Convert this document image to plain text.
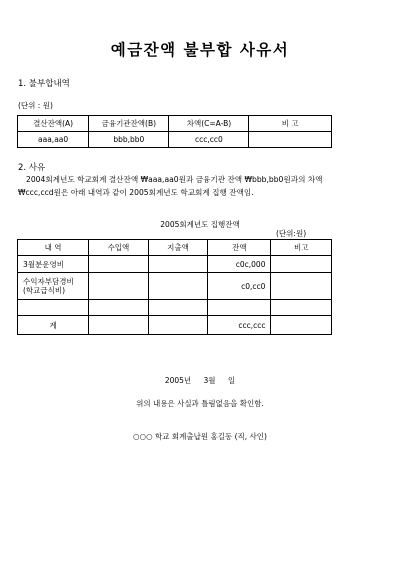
예금잔액 불부합 사유서
1. 불부합내역
(단위 : 원)
결산잔액(A)	금융기관잔액(B)	차액(C=A-B)	비 고
aaa,aa0	bbb,bb0	ccc,cc0	
2. 사유
2004회계년도 학교회계 결산잔액 ₩aaa,aa0원과 금융기관 잔액 ₩bbb,bb0원과의 차액
₩ccc,ccd원은 아래 내역과 같이 2005회계년도 학교회계 집행 잔액임.
2005회계년도 집행잔액
(단위:원)
내 역	수입액	지출액	잔액	비고
3월분운영비			c0c,000	
수익자부담경비
(학교급식비)			c0,cc0	

계			ccc,ccc	
2005년 3월 일
위의 내용은 사실과 틀림없음을 확인함.
○○○ 학교 회계출납원 홍길동 (직, 사인)
